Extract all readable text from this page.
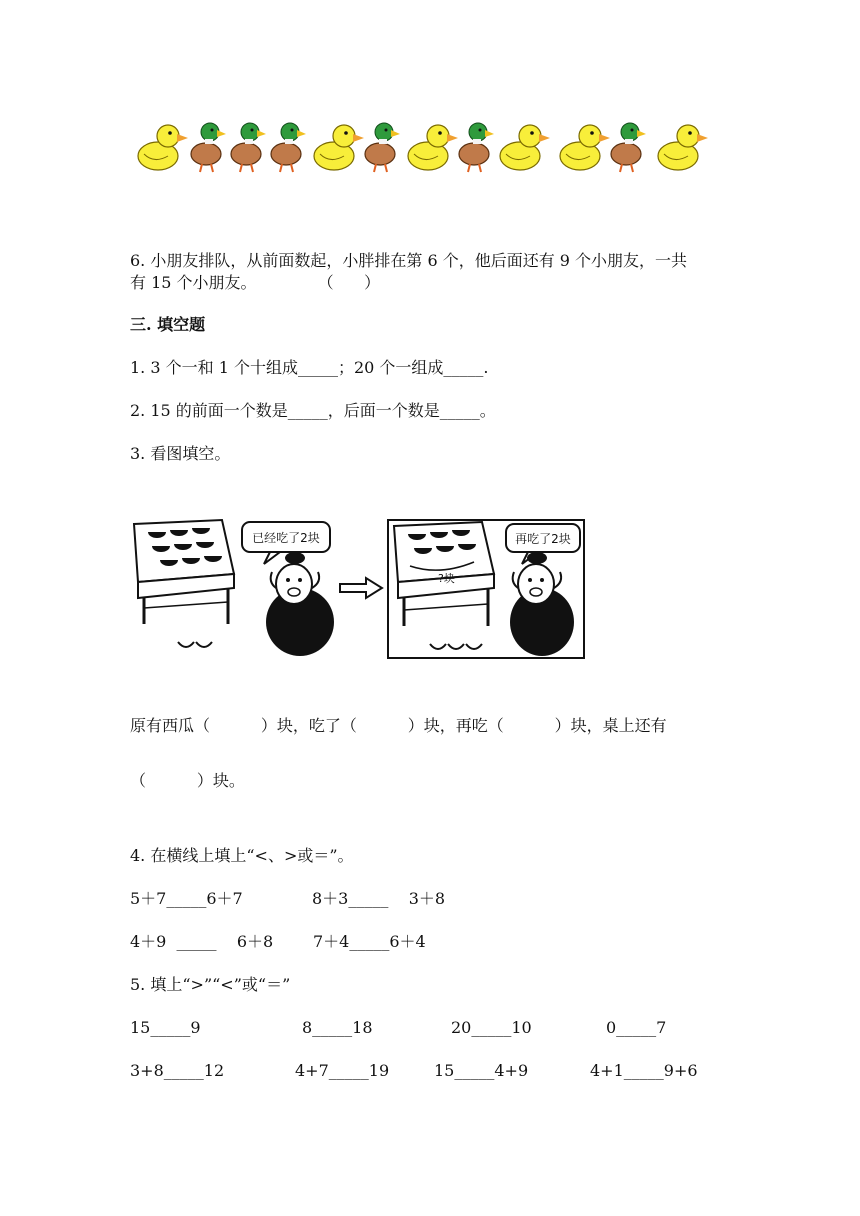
6. 小朋友排队，从前面数起，小胖排在第 6 个，他后面还有 9 个小朋友，一共
有 15 个小朋友。            （      ）
三. 填空题
1. 3 个一和 1 个十组成_____；20 个一组成_____.
2. 15 的前面一个数是_____，后面一个数是_____。
3. 看图填空。
已经吃了2块
?块
再吃了2块
原有西瓜（          ）块，吃了（          ）块，再吃（          ）块，桌上还有
（          ）块。
4. 在横线上填上“<、>或＝”。
5＋7_____6＋7	8＋3_____    3＋8
4＋9  _____    6＋8 7＋4_____6＋4
5. 填上“>”“<”或“＝”
15_____9	8_____18	20_____10	0_____7
3+8_____12	4+7_____19	15_____4+9	4+1_____9+6
